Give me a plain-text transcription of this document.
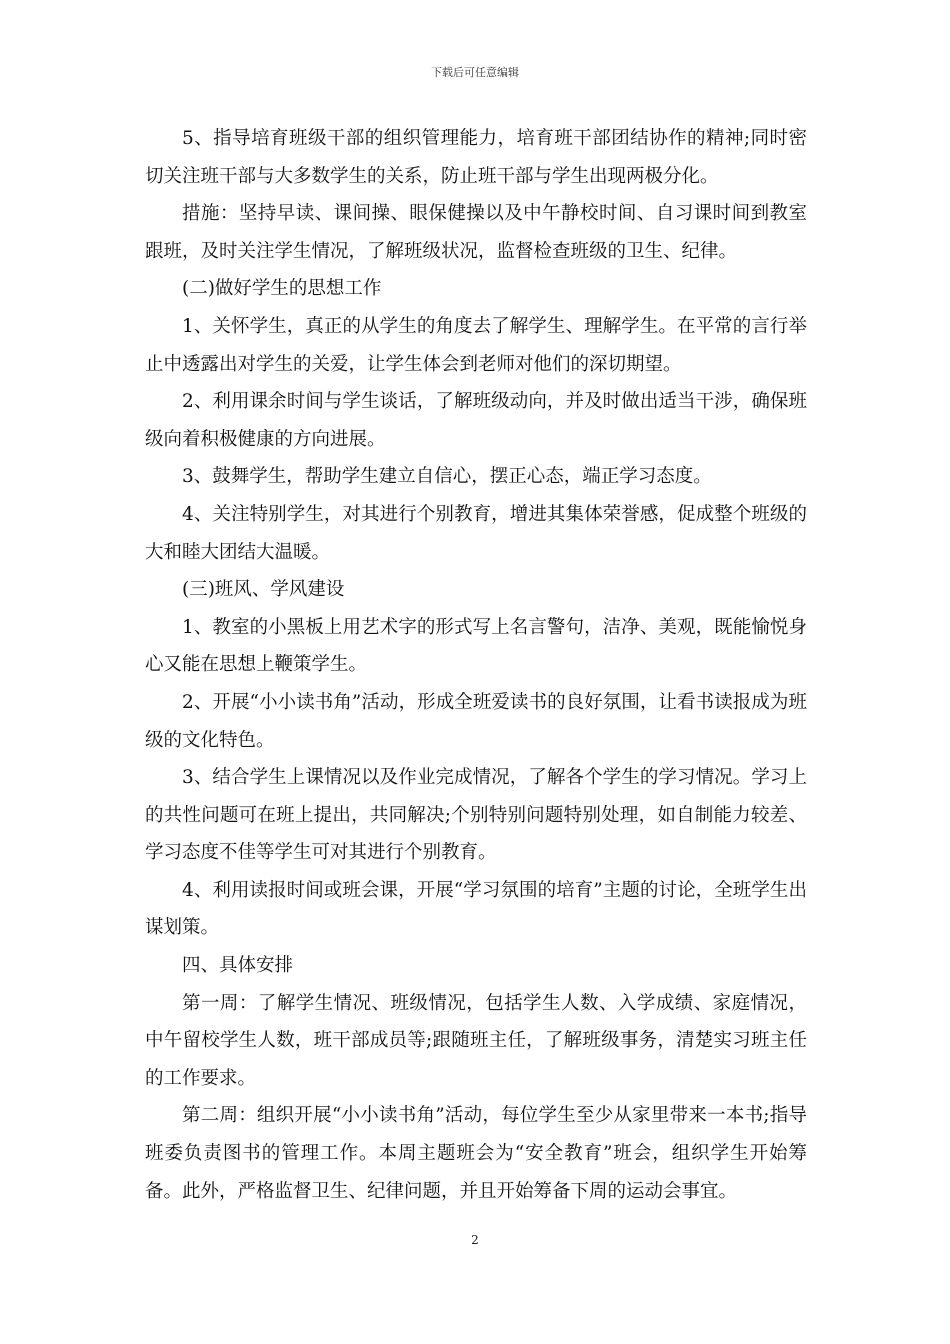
下载后可任意编辑

5、指导培育班级干部的组织管理能力，培育班干部团结协作的精神;同时密切关注班干部与大多数学生的关系，防止班干部与学生出现两极分化。

措施：坚持早读、课间操、眼保健操以及中午静校时间、自习课时间到教室跟班，及时关注学生情况，了解班级状况，监督检查班级的卫生、纪律。

(二)做好学生的思想工作

1、关怀学生，真正的从学生的角度去了解学生、理解学生。在平常的言行举止中透露出对学生的关爱，让学生体会到老师对他们的深切期望。

2、利用课余时间与学生谈话，了解班级动向，并及时做出适当干涉，确保班级向着积极健康的方向进展。

3、鼓舞学生，帮助学生建立自信心，摆正心态，端正学习态度。

4、关注特别学生，对其进行个别教育，增进其集体荣誉感，促成整个班级的大和睦大团结大温暖。

(三)班风、学风建设

1、教室的小黑板上用艺术字的形式写上名言警句，洁净、美观，既能愉悦身心又能在思想上鞭策学生。

2、开展“小小读书角”活动，形成全班爱读书的良好氛围，让看书读报成为班级的文化特色。

3、结合学生上课情况以及作业完成情况，了解各个学生的学习情况。学习上的共性问题可在班上提出，共同解决;个别特别问题特别处理，如自制能力较差、学习态度不佳等学生可对其进行个别教育。

4、利用读报时间或班会课，开展“学习氛围的培育”主题的讨论，全班学生出谋划策。

四、具体安排

第一周：了解学生情况、班级情况，包括学生人数、入学成绩、家庭情况，中午留校学生人数，班干部成员等;跟随班主任，了解班级事务，清楚实习班主任的工作要求。

第二周：组织开展“小小读书角”活动，每位学生至少从家里带来一本书;指导班委负责图书的管理工作。本周主题班会为“安全教育”班会，组织学生开始筹备。此外，严格监督卫生、纪律问题，并且开始筹备下周的运动会事宜。

2
